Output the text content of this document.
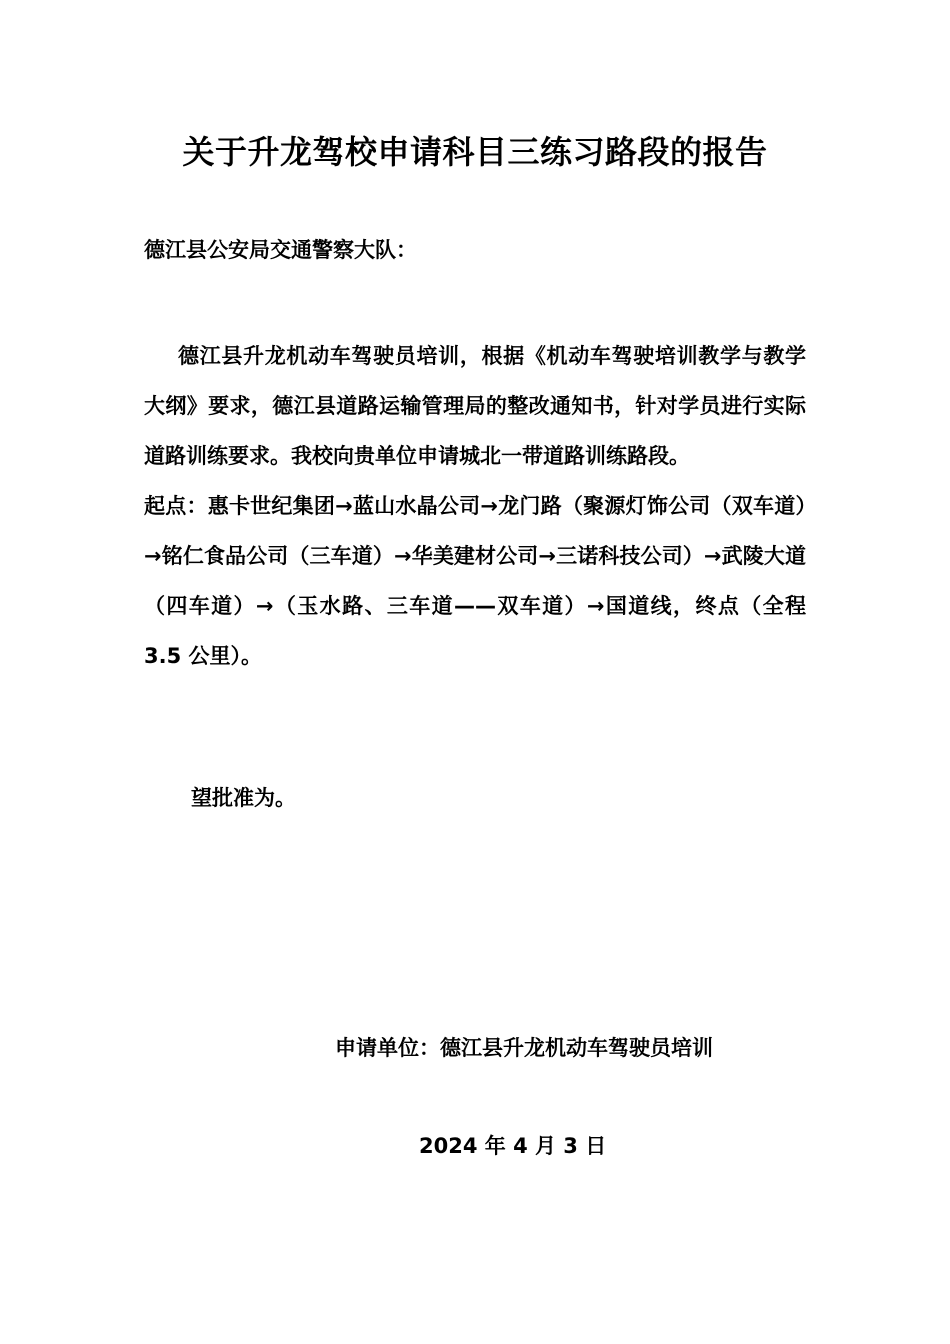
关于升龙驾校申请科目三练习路段的报告
德江县公安局交通警察大队：

德江县升龙机动车驾驶员培训，根据《机动车驾驶培训教学与教学大纲》要求，德江县道路运输管理局的整改通知书，针对学员进行实际道路训练要求。我校向贵单位申请城北一带道路训练路段。

起点：惠卡世纪集团→蓝山水晶公司→龙门路（聚源灯饰公司（双车道）→铭仁食品公司（三车道）→华美建材公司→三诺科技公司）→武陵大道（四车道）→（玉水路、三车道——双车道）→国道线，终点（全程 3.5 公里）。

望批准为。
申请单位：德江县升龙机动车驾驶员培训
2024 年 4 月 3 日
